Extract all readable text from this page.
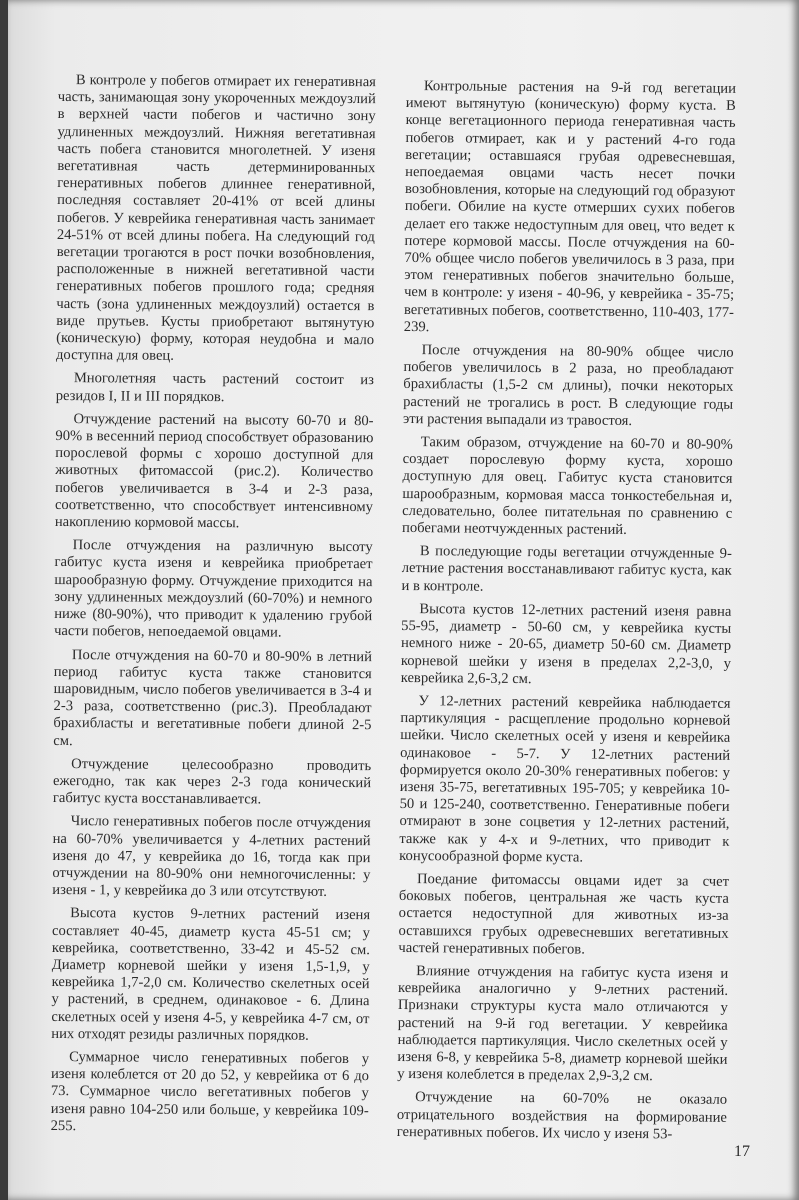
В контроле у побегов отмирает их генеративная часть, занимающая зону укороченных междоузлий в верхней части побегов и частично зону удлиненных междоузлий. Нижняя вегетативная часть побега становится многолетней. У изеня вегетативная часть детерминированных генеративных побегов длиннее генеративной, последняя составляет 20-41% от всей длины побегов. У кеврейика генеративная часть занимает 24-51% от всей длины побега. На следующий год вегетации трогаются в рост почки возобновления, расположенные в нижней вегетативной части генеративных побегов прошлого года; средняя часть (зона удлиненных междоузлий) остается в виде прутьев. Кусты приобретают вытянутую (коническую) форму, которая неудобна и мало доступна для овец.

Многолетняя часть растений состоит из резидов I, II и III порядков.

Отчуждение растений на высоту 60-70 и 80-90% в весенний период способствует образованию порослевой формы с хорошо доступной для животных фитомассой (рис.2). Количество побегов увеличивается в 3-4 и 2-3 раза, соответственно, что способствует интенсивному накоплению кормовой массы.

После отчуждения на различную высоту габитус куста изеня и кеврейика приобретает шарообразную форму. Отчуждение приходится на зону удлиненных междоузлий (60-70%) и немного ниже (80-90%), что приводит к удалению грубой части побегов, непоедаемой овцами.

После отчуждения на 60-70 и 80-90% в летний период габитус куста также становится шаровидным, число побегов увеличивается в 3-4 и 2-3 раза, соответственно (рис.3). Преобладают брахибласты и вегетативные побеги длиной 2-5 см.

Отчуждение целесообразно проводить ежегодно, так как через 2-3 года конический габитус куста восстанавливается.

Число генеративных побегов после отчуждения на 60-70% увеличивается у 4-летних растений изеня до 47, у кеврейика до 16, тогда как при отчуждении на 80-90% они немногочисленны: у изеня - 1, у кеврейика до 3 или отсутствуют.

Высота кустов 9-летних растений изеня составляет 40-45, диаметр куста 45-51 см; у кеврейика, соответственно, 33-42 и 45-52 см. Диаметр корневой шейки у изеня 1,5-1,9, у кеврейика 1,7-2,0 см. Количество скелетных осей у растений, в среднем, одинаковое - 6. Длина скелетных осей у изеня 4-5, у кеврейика 4-7 см, от них отходят резиды различных порядков.

Суммарное число генеративных побегов у изеня колеблется от 20 до 52, у кеврейика от 6 до 73. Суммарное число вегетативных побегов у изеня равно 104-250 или больше, у кеврейика 109-255.

Контрольные растения на 9-й год вегетации имеют вытянутую (коническую) форму куста. В конце вегетационного периода генеративная часть побегов отмирает, как и у растений 4-го года вегетации; оставшаяся грубая одревесневшая, непоедаемая овцами часть несет почки возобновления, которые на следующий год образуют побеги. Обилие на кусте отмерших сухих побегов делает его также недоступным для овец, что ведет к потере кормовой массы. После отчуждения на 60-70% общее число побегов увеличилось в 3 раза, при этом генеративных побегов значительно больше, чем в контроле: у изеня - 40-96, у кеврейика - 35-75; вегетативных побегов, соответственно, 110-403, 177-239.

После отчуждения на 80-90% общее число побегов увеличилось в 2 раза, но преобладают брахибласты (1,5-2 см длины), почки некоторых растений не трогались в рост. В следующие годы эти растения выпадали из травостоя.

Таким образом, отчуждение на 60-70 и 80-90% создает порослевую форму куста, хорошо доступную для овец. Габитус куста становится шарообразным, кормовая масса тонкостебельная и, следовательно, более питательная по сравнению с побегами неотчужденных растений.

В последующие годы вегетации отчужденные 9-летние растения восстанавливают габитус куста, как и в контроле.

Высота кустов 12-летних растений изеня равна 55-95, диаметр - 50-60 см, у кеврейика кусты немного ниже - 20-65, диаметр 50-60 см. Диаметр корневой шейки у изеня в пределах 2,2-3,0, у кеврейика 2,6-3,2 см.

У 12-летних растений кеврейика наблюдается партикуляция - расщепление продольно корневой шейки. Число скелетных осей у изеня и кеврейика одинаковое - 5-7. У 12-летних растений формируется около 20-30% генеративных побегов: у изеня 35-75, вегетативных 195-705; у кеврейика 10-50 и 125-240, соответственно. Генеративные побеги отмирают в зоне соцветия у 12-летних растений, также как у 4-х и 9-летних, что приводит к конусообразной форме куста.

Поедание фитомассы овцами идет за счет боковых побегов, центральная же часть куста остается недоступной для животных из-за оставшихся грубых одревесневших вегетативных частей генеративных побегов.

Влияние отчуждения на габитус куста изеня и кеврейика аналогично у 9-летних растений. Признаки структуры куста мало отличаются у растений на 9-й год вегетации. У кеврейика наблюдается партикуляция. Число скелетных осей у изеня 6-8, у кеврейика 5-8, диаметр корневой шейки у изеня колеблется в пределах 2,9-3,2 см.

Отчуждение на 60-70% не оказало отрицательного воздействия на формирование генеративных побегов. Их число у изеня 53-

17
